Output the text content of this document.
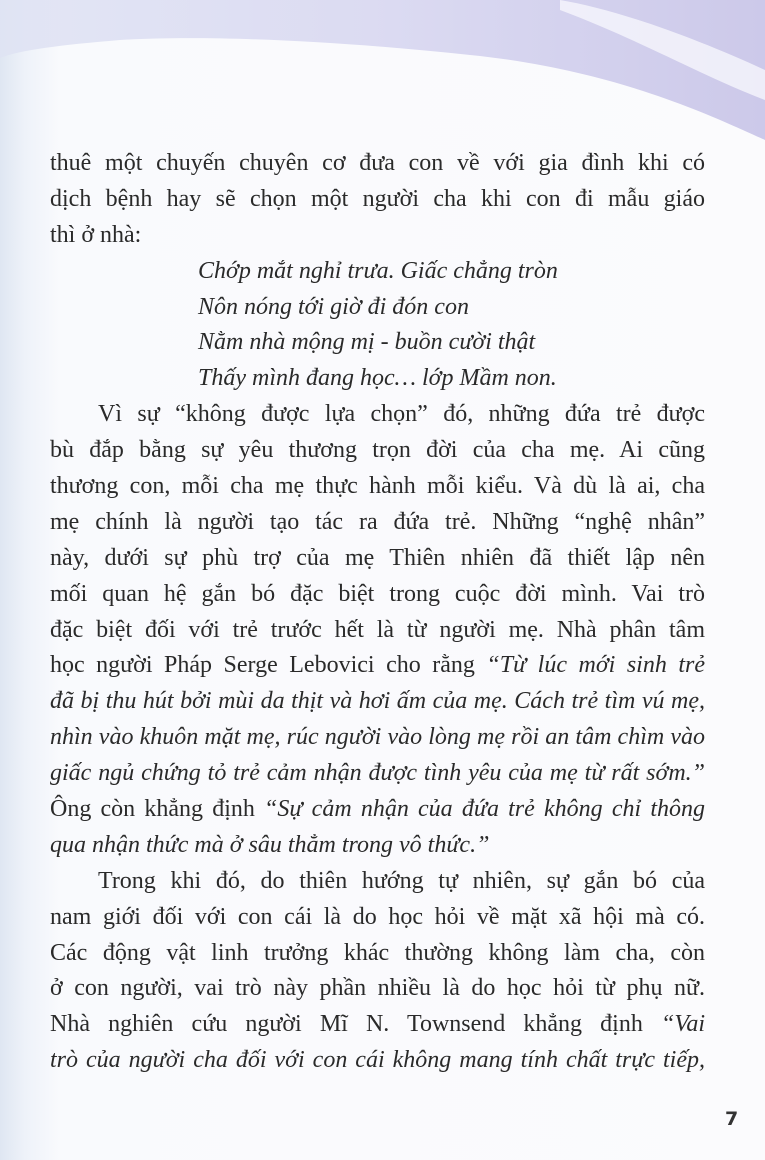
thuê một chuyến chuyên cơ đưa con về với gia đình khi có
dịch bệnh hay sẽ chọn một người cha khi con đi mẫu giáo
thì ở nhà:
Chớp mắt nghỉ trưa. Giấc chẳng tròn
Nôn nóng tới giờ đi đón con
Nằm nhà mộng mị - buồn cười thật
Thấy mình đang học… lớp Mầm non.
Vì sự “không được lựa chọn” đó, những đứa trẻ được
bù đắp bằng sự yêu thương trọn đời của cha mẹ. Ai cũng
thương con, mỗi cha mẹ thực hành mỗi kiểu. Và dù là ai, cha
mẹ chính là người tạo tác ra đứa trẻ. Những “nghệ nhân”
này, dưới sự phù trợ của mẹ Thiên nhiên đã thiết lập nên
mối quan hệ gắn bó đặc biệt trong cuộc đời mình. Vai trò
đặc biệt đối với trẻ trước hết là từ người mẹ. Nhà phân tâm
học người Pháp Serge Lebovici cho rằng “Từ lúc mới sinh trẻ
đã bị thu hút bởi mùi da thịt và hơi ấm của mẹ. Cách trẻ tìm vú mẹ,
nhìn vào khuôn mặt mẹ, rúc người vào lòng mẹ rồi an tâm chìm vào
giấc ngủ chứng tỏ trẻ cảm nhận được tình yêu của mẹ từ rất sớm.”
Ông còn khẳng định “Sự cảm nhận của đứa trẻ không chỉ thông
qua nhận thức mà ở sâu thẳm trong vô thức.”
Trong khi đó, do thiên hướng tự nhiên, sự gắn bó của
nam giới đối với con cái là do học hỏi về mặt xã hội mà có.
Các động vật linh trưởng khác thường không làm cha, còn
ở con người, vai trò này phần nhiều là do học hỏi từ phụ nữ.
Nhà nghiên cứu người Mĩ N. Townsend khẳng định “Vai
trò của người cha đối với con cái không mang tính chất trực tiếp,
7
